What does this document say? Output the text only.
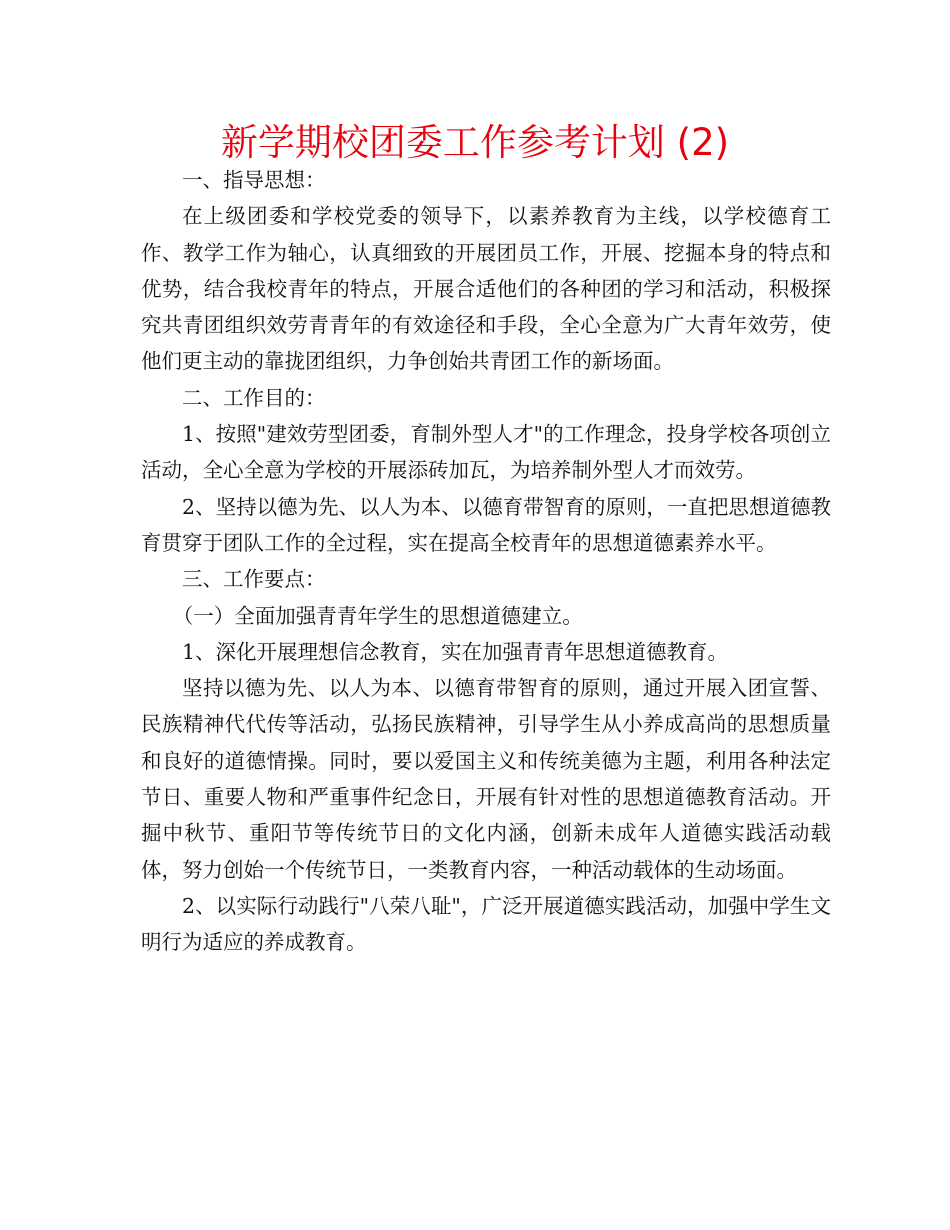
新学期校团委工作参考计划 (2)

一、指导思想：

在上级团委和学校党委的领导下，以素养教育为主线，以学校德育工作、教学工作为轴心，认真细致的开展团员工作，开展、挖掘本身的特点和优势，结合我校青年的特点，开展合适他们的各种团的学习和活动，积极探究共青团组织效劳青青年的有效途径和手段，全心全意为广大青年效劳，使他们更主动的靠拢团组织，力争创始共青团工作的新场面。

二、工作目的：

1、按照"建效劳型团委，育制外型人才"的工作理念，投身学校各项创立活动，全心全意为学校的开展添砖加瓦，为培养制外型人才而效劳。

2、坚持以德为先、以人为本、以德育带智育的原则，一直把思想道德教育贯穿于团队工作的全过程，实在提高全校青年的思想道德素养水平。

三、工作要点：

（一）全面加强青青年学生的思想道德建立。

1、深化开展理想信念教育，实在加强青青年思想道德教育。

坚持以德为先、以人为本、以德育带智育的原则，通过开展入团宣誓、民族精神代代传等活动，弘扬民族精神，引导学生从小养成高尚的思想质量和良好的道德情操。同时，要以爱国主义和传统美德为主题，利用各种法定节日、重要人物和严重事件纪念日，开展有针对性的思想道德教育活动。开掘中秋节、重阳节等传统节日的文化内涵，创新未成年人道德实践活动载体，努力创始一个传统节日，一类教育内容，一种活动载体的生动场面。

2、以实际行动践行"八荣八耻"，广泛开展道德实践活动，加强中学生文明行为适应的养成教育。
